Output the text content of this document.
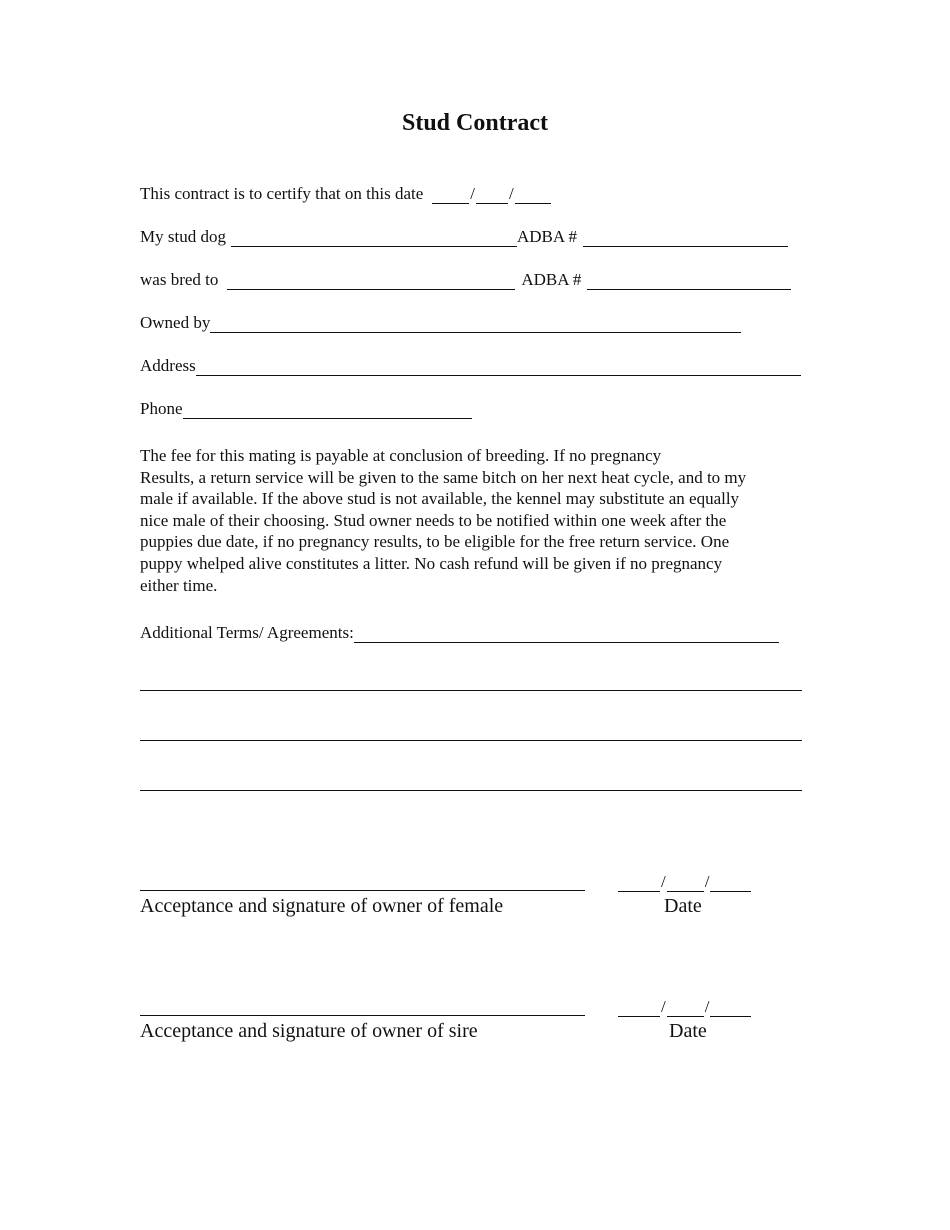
Stud Contract
This contract is to certify that on this date	/ /
My stud dog	ADBA #
was bred to	ADBA #
Owned by
Address
Phone
The fee for this mating is payable at conclusion of breeding. If no pregnancy
Results, a return service will be given to the same bitch on her next heat cycle, and to my
male if available. If the above stud is not available, the kennel may substitute an equally
nice male of their choosing. Stud owner needs to be notified within one week after the
puppies due date, if no pregnancy results, to be eligible for the free return service. One
puppy whelped alive constitutes a litter. No cash refund will be given if no pregnancy
either time.
Additional Terms/ Agreements:
/ /
Acceptance and signature of owner of female	Date
/ /
Acceptance and signature of owner of sire	Date
